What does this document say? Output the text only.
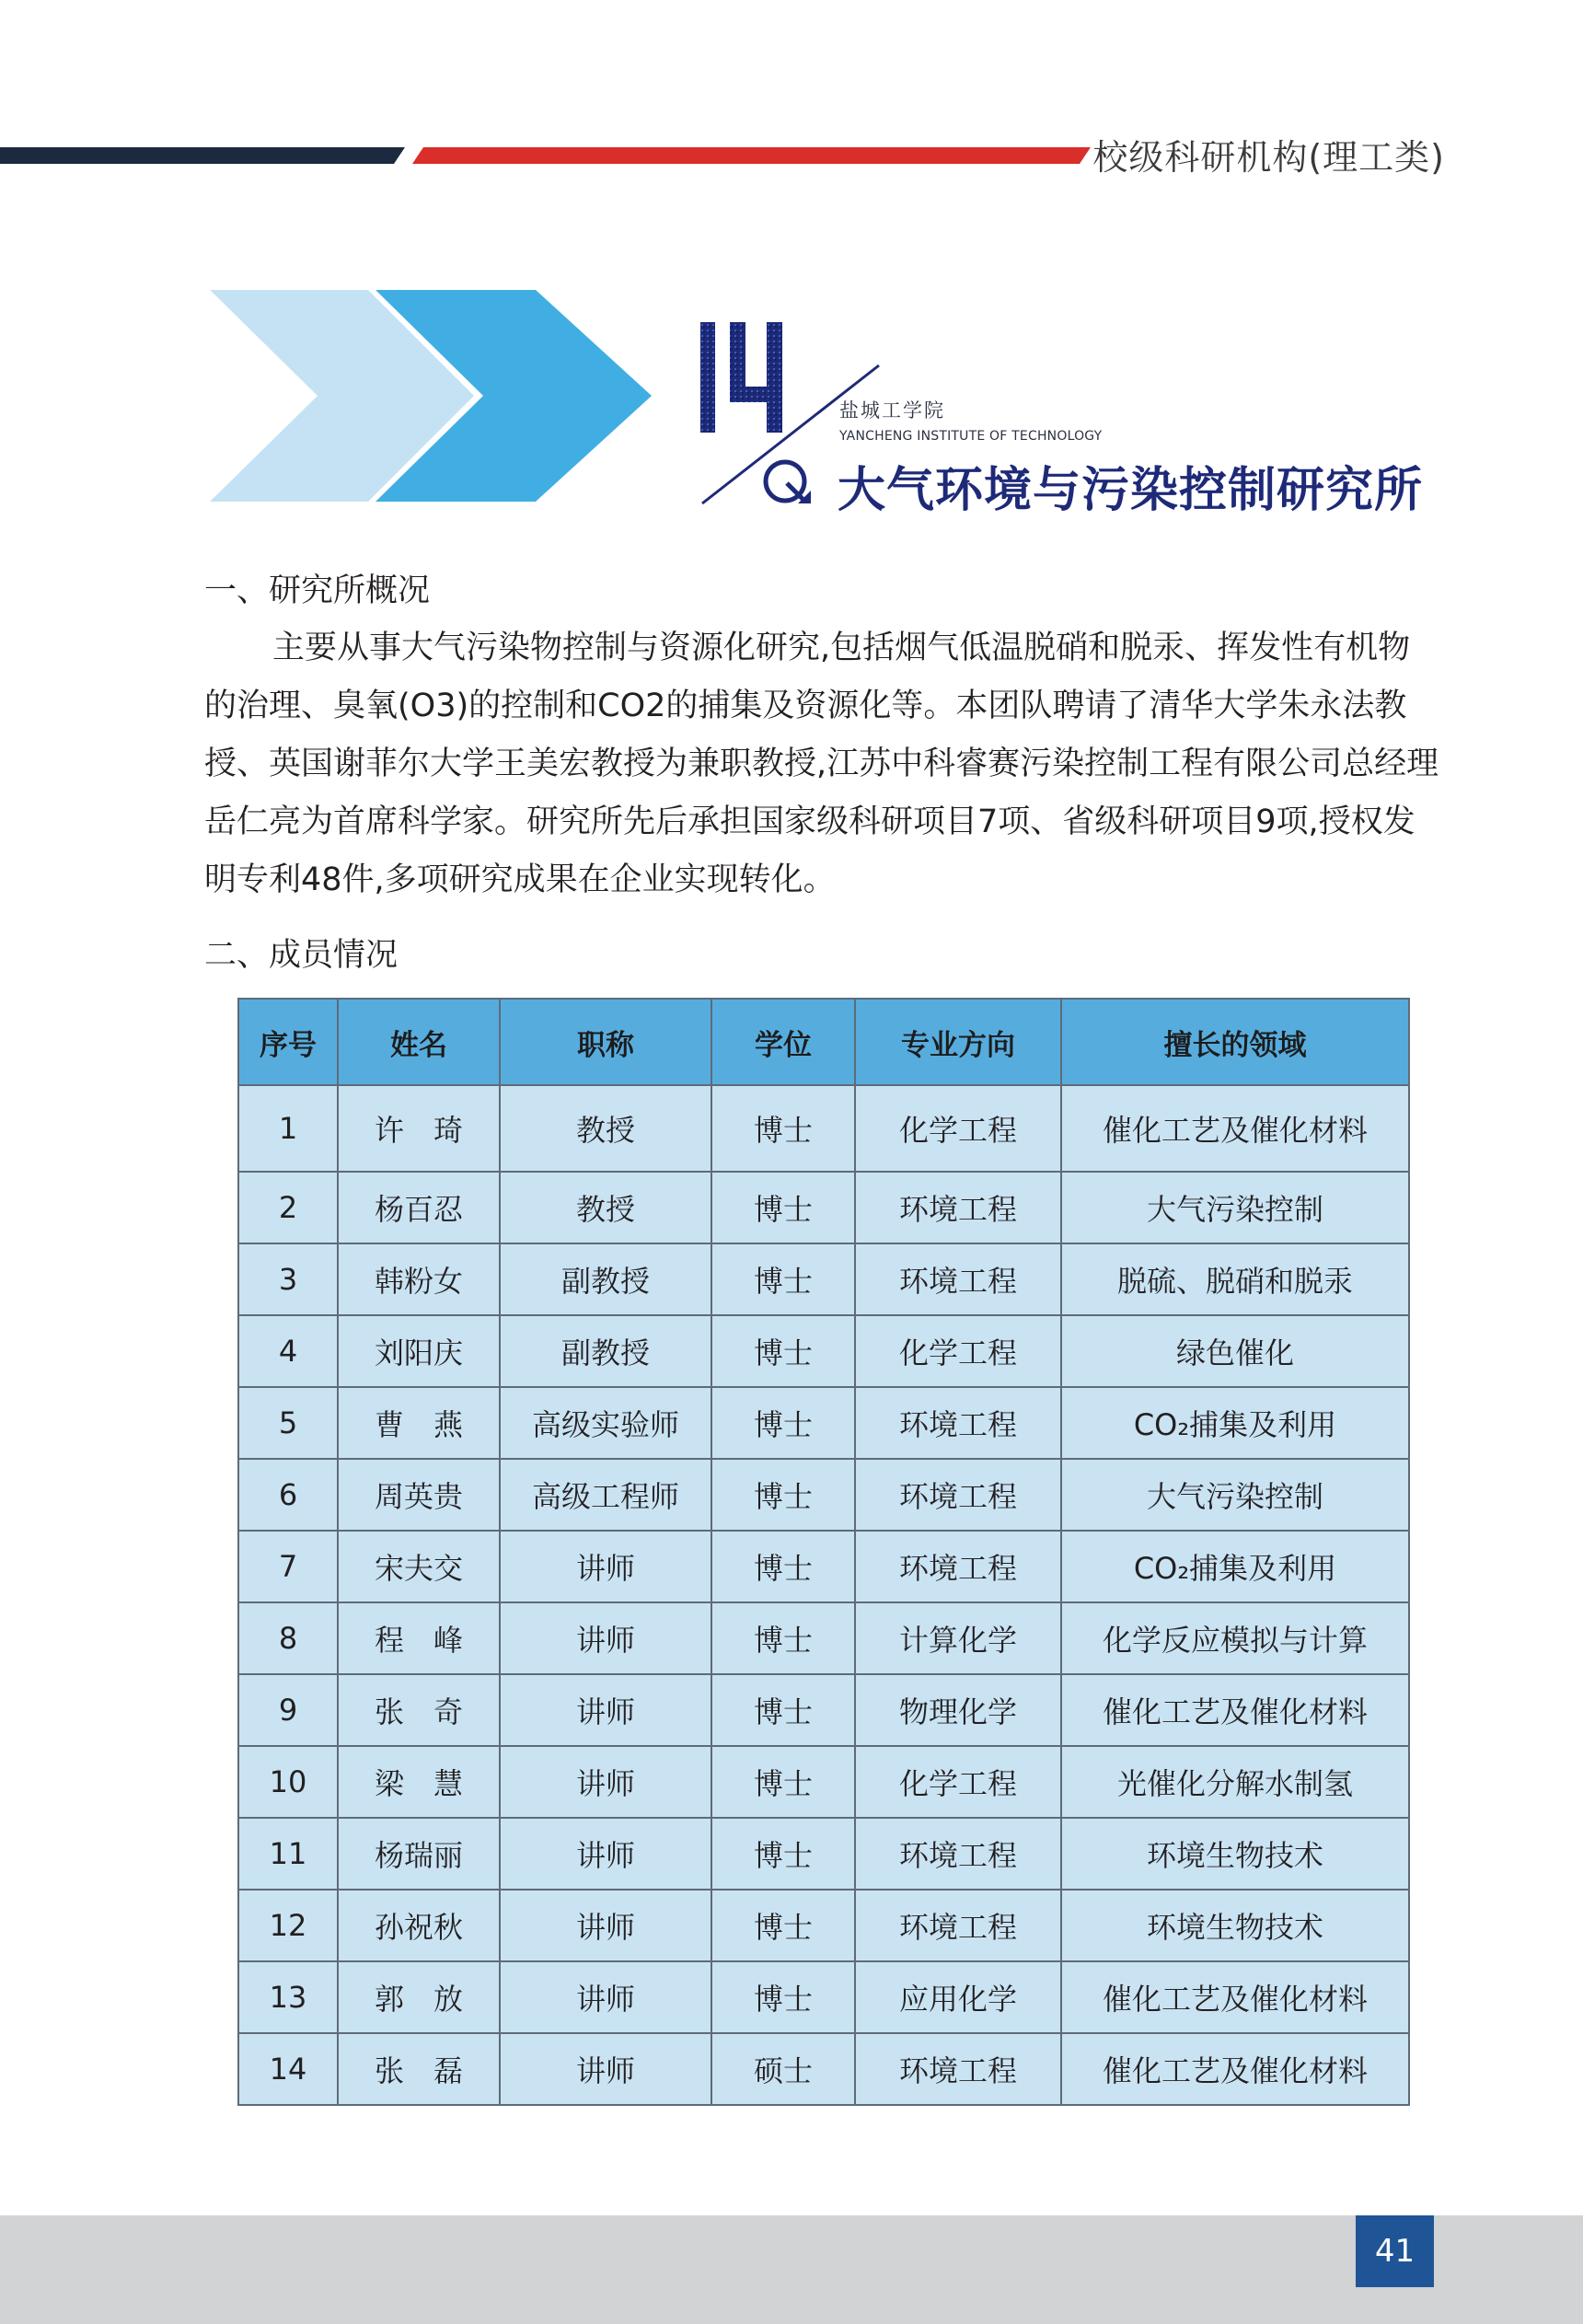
校级科研机构(理工类)
盐城工学院
YANCHENG INSTITUTE OF TECHNOLOGY
大气环境与污染控制研究所
一、研究所概况

主要从事大气污染物控制与资源化研究,包括烟气低温脱硝和脱汞、挥发性有机物的治理、臭氧(O3)的控制和CO2的捕集及资源化等。本团队聘请了清华大学朱永法教授、英国谢菲尔大学王美宏教授为兼职教授,江苏中科睿赛污染控制工程有限公司总经理岳仁亮为首席科学家。研究所先后承担国家级科研项目7项、省级科研项目9项,授权发明专利48件,多项研究成果在企业实现转化。

二、成员情况
序号	姓名	职称	学位	专业方向	擅长的领域
1	许　琦	教授	博士	化学工程	催化工艺及催化材料
2	杨百忍	教授	博士	环境工程	大气污染控制
3	韩粉女	副教授	博士	环境工程	脱硫、脱硝和脱汞
4	刘阳庆	副教授	博士	化学工程	绿色催化
5	曹　燕	高级实验师	博士	环境工程	CO₂捕集及利用
6	周英贵	高级工程师	博士	环境工程	大气污染控制
7	宋夫交	讲师	博士	环境工程	CO₂捕集及利用
8	程　峰	讲师	博士	计算化学	化学反应模拟与计算
9	张　奇	讲师	博士	物理化学	催化工艺及催化材料
10	梁　慧	讲师	博士	化学工程	光催化分解水制氢
11	杨瑞丽	讲师	博士	环境工程	环境生物技术
12	孙祝秋	讲师	博士	环境工程	环境生物技术
13	郭　放	讲师	博士	应用化学	催化工艺及催化材料
14	张　磊	讲师	硕士	环境工程	催化工艺及催化材料
41
